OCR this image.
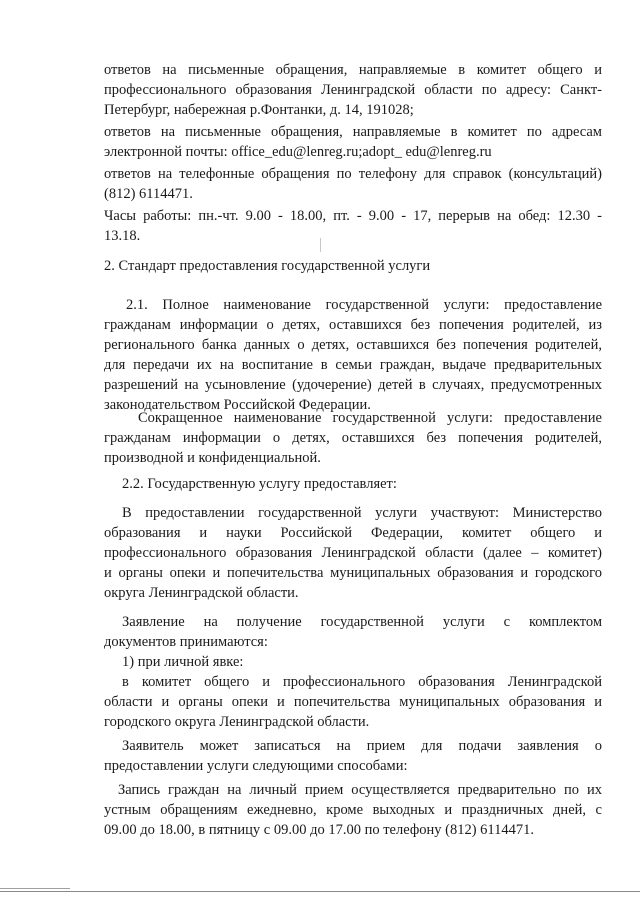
ответов на письменные обращения, направляемые в комитет общего и
профессионального образования Ленинградской области по адресу: Санкт-
Петербург, набережная р.Фонтанки, д. 14, 191028;
ответов на письменные обращения, направляемые в комитет по адресам
электронной почты: office_edu@lenreg.ru;adopt_ edu@lenreg.ru
ответов на телефонные обращения по телефону для справок (консультаций)
(812) 6114471.
Часы работы: пн.-чт. 9.00 - 18.00, пт. - 9.00 - 17, перерыв на обед: 12.30 -
13.18.
2. Стандарт предоставления государственной услуги
2.1. Полное наименование государственной услуги: предоставление
гражданам информации о детях, оставшихся без попечения родителей, из
регионального банка данных о детях, оставшихся без попечения родителей,
для передачи их на воспитание в семьи граждан, выдаче предварительных
разрешений на усыновление (удочерение) детей в случаях, предусмотренных
законодательством Российской Федерации.
Сокращенное наименование государственной услуги: предоставление
гражданам информации о детях, оставшихся без попечения родителей,
производной и конфиденциальной.
2.2. Государственную услугу предоставляет:
В предоставлении государственной услуги участвуют: Министерство
образования и науки Российской Федерации, комитет общего и
профессионального образования Ленинградской области (далее – комитет)
и органы опеки и попечительства муниципальных образования и городского
округа Ленинградской области.
Заявление на получение государственной услуги с комплектом
документов принимаются:
1) при личной явке:
в комитет общего и профессионального образования Ленинградской
области и органы опеки и попечительства муниципальных образования и
городского округа Ленинградской области.
Заявитель может записаться на прием для подачи заявления о
предоставлении услуги следующими способами:
Запись граждан на личный прием осуществляется предварительно по их
устным обращениям ежедневно, кроме выходных и праздничных дней, с
09.00 до 18.00, в пятницу с 09.00 до 17.00 по телефону (812) 6114471.
